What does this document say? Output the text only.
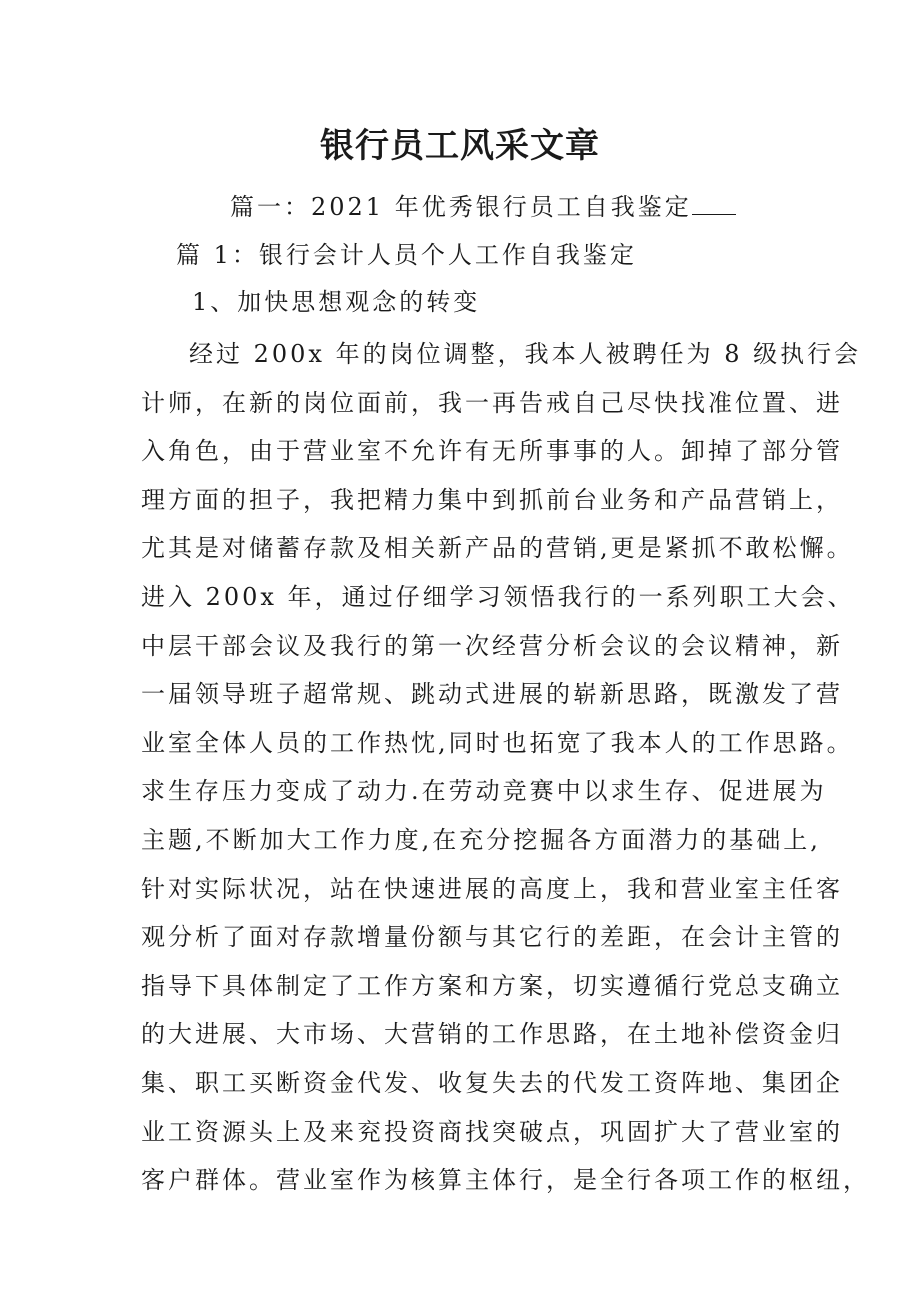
银行员工风采文章
篇一：2021 年优秀银行员工自我鉴定
篇 1：银行会计人员个人工作自我鉴定
1、加快思想观念的转变
经过 200x 年的岗位调整，我本人被聘任为 8 级执行会
计师，在新的岗位面前，我一再告戒自己尽快找准位置、进
入角色，由于营业室不允许有无所事事的人。卸掉了部分管
理方面的担子，我把精力集中到抓前台业务和产品营销上，
尤其是对储蓄存款及相关新产品的营销,更是紧抓不敢松懈。
进入 200x 年，通过仔细学习领悟我行的一系列职工大会、
中层干部会议及我行的第一次经营分析会议的会议精神，新
一届领导班子超常规、跳动式进展的崭新思路，既激发了营
业室全体人员的工作热忱,同时也拓宽了我本人的工作思路。
求生存压力变成了动力.在劳动竞赛中以求生存、促进展为
主题,不断加大工作力度,在充分挖掘各方面潜力的基础上,
针对实际状况，站在快速进展的高度上，我和营业室主任客
观分析了面对存款增量份额与其它行的差距，在会计主管的
指导下具体制定了工作方案和方案，切实遵循行党总支确立
的大进展、大市场、大营销的工作思路，在土地补偿资金归
集、职工买断资金代发、收复失去的代发工资阵地、集团企
业工资源头上及来兖投资商找突破点，巩固扩大了营业室的
客户群体。营业室作为核算主体行，是全行各项工作的枢纽，
